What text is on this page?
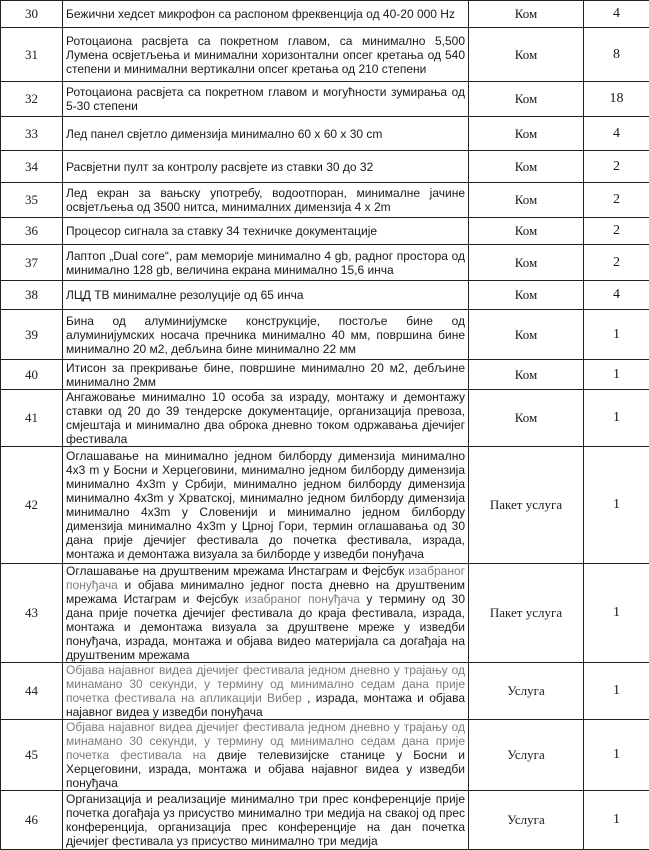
30	Бежични хедсет микрофон са распоном фреквенција од 40-20 000 Hz	Ком	4
31	Ротоцаиона расвјета са покретном главом, са минимално 5,500 Лумена освјетљења и минимални хоризонтални опсег кретања од 540 степени и минимални вертикални опсег кретања од 210 степени	Ком	8
32	Ротоцаиона расвјета са покретном главом и могућности зумирања од 5-30 степени	Ком	18
33	Лед панел свјетло димензија минимално 60 x 60 x 30 cm	Ком	4
34	Расвјетни пулт за контролу расвјете из ставки 30 до 32	Ком	2
35	Лед екран за вањску употребу, водоотпоран, минималне јачине освјетљења од 3500 нитса, минималних димензија 4 x 2m	Ком	2
36	Процесор сигнала за ставку 34 техничке документације	Ком	2
37	Лаптоп „Dual core“, рам меморије минимално 4 gb, радног простора од минимално 128 gb, величина екрана минимално 15,6 инча	Ком	2
38	ЛЦД ТВ минималне резолуције од 65 инча	Ком	4
39	Бина од алуминијумске конструкције, постоље бине од алуминијумских носача пречника минимално 40 мм, површина бине минимално 20 м2, дебљина бине минимално 22 мм	Ком	1
40	Итисон за прекривање бине, површине минимално 20 м2, дебљине минимално 2мм	Ком	1
41	Ангажовање минимално 10 особа за израду, монтажу и демонтажу ставки од 20 до 39 тендерске документације, организација превоза, смјештаја и минимално два оброка дневно током одржавања дјечијег фестивала	Ком	1
42	Оглашавање на минимално једном билборду димензија минимално 4x3 m у Босни и Херцеговини, минимално једном билборду димензија минимално 4x3m у Србији, минимално једном билборду димензија минимално 4x3m у Хрватској, минимално једном билборду димензија минимално 4x3m у Словенији и минимално једном билборду димензија минимално 4x3m у Црној Гори, термин оглашавања од 30 дана прије дјечијег фестивала до почетка фестивала, израда, монтажа и демонтажа визуала за билборде у изведби понуђача	Пакет услуга	1
43	Оглашавање на друштвеним мрежама Инстаграм и Фејсбук изабраног понуђача и објава минимално једног поста дневно на друштвеним мрежама Истаграм и Фејсбук изабраног понуђача у термину од 30 дана прије почетка дјечијег фестивала до краја фестивала, израда, монтажа и демонтажа визуала за друштвене мреже у изведби понуђача, израда, монтажа и објава видео материјала са догађаја на друштвеним мрежама	Пакет услуга	1
44	Објава најавног видеа дјечијег фестивала једном дневно у трајању од минамано 30 секунди, у термину од минимално седам дана прије почетка фестивала на апликацији Вибер , израда, монтажа и објава најавног видеа у изведби понуђача	Услуга	1
45	Објава најавног видеа дјечијег фестивала једном дневно у трајању од минамано 30 секунди, у термину од минимално седам дана прије почетка фестивала на двије телевизијске станице у Босни и Херцеговини, израда, монтажа и објава најавног видеа у изведби понуђача	Услуга	1
46	Организација и реализације минимално три прес конференције прије почетка догађаја уз присуство минимално три медија на свакој од прес конференција, организација прес конференције на дан почетка дјечијег фестивала уз присуство минимално три медија	Услуга	1
